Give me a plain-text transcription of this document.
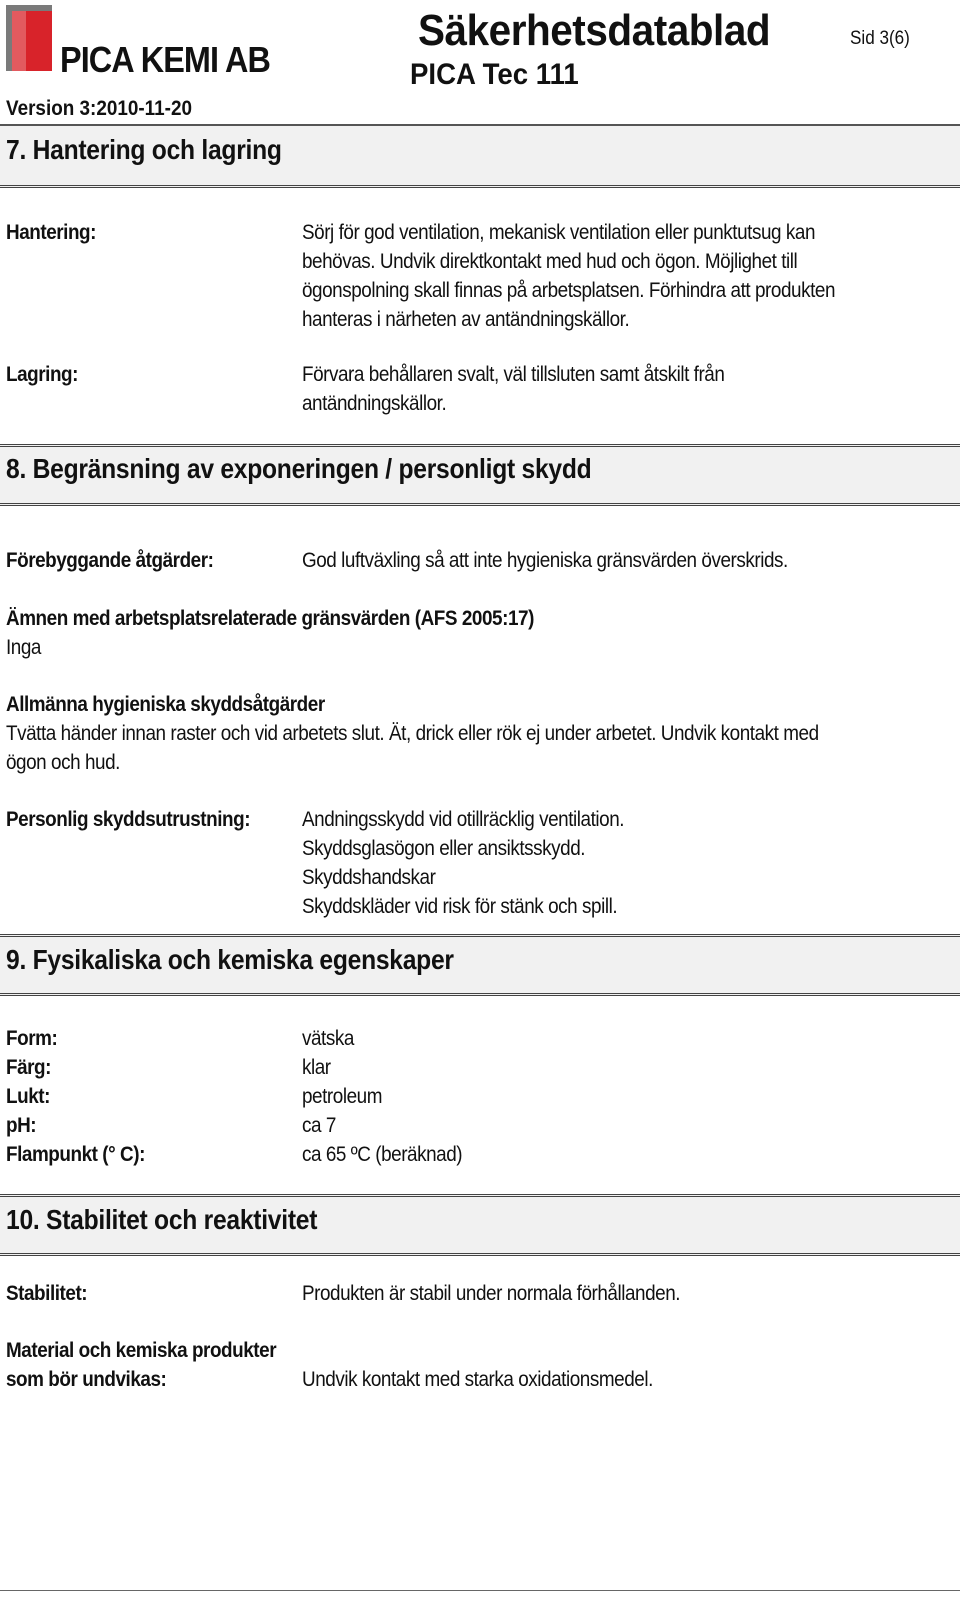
PICA KEMI AB
Säkerhetsdatablad
PICA Tec 111
Sid 3(6)
Version 3:2010-11-20
7. Hantering och lagring
Hantering:	Sörj för god ventilation, mekanisk ventilation eller punktutsug kan
behövas. Undvik direktkontakt med hud och ögon. Möjlighet till
ögonspolning skall finnas på arbetsplatsen. Förhindra att produkten
hanteras i närheten av antändningskällor.
Lagring:	Förvara behållaren svalt, väl tillsluten samt åtskilt från
antändningskällor.
8. Begränsning av exponeringen / personligt skydd
Förebyggande åtgärder:	God luftväxling så att inte hygieniska gränsvärden överskrids.
Ämnen med arbetsplatsrelaterade gränsvärden (AFS 2005:17)
Inga
Allmänna hygieniska skyddsåtgärder
Tvätta händer innan raster och vid arbetets slut. Ät, drick eller rök ej under arbetet. Undvik kontakt med
ögon och hud.
Personlig skyddsutrustning: Andningsskydd vid otillräcklig ventilation.
Skyddsglasögon eller ansiktsskydd.
Skyddshandskar
Skyddskläder vid risk för stänk och spill.
9. Fysikaliska och kemiska egenskaper
Form:	vätska
Färg:	klar
Lukt:	petroleum
pH:	ca 7
Flampunkt (° C):	ca 65 ºC (beräknad)
10. Stabilitet och reaktivitet
Stabilitet:	Produkten är stabil under normala förhållanden.
Material och kemiska produkter
som bör undvikas:	Undvik kontakt med starka oxidationsmedel.
